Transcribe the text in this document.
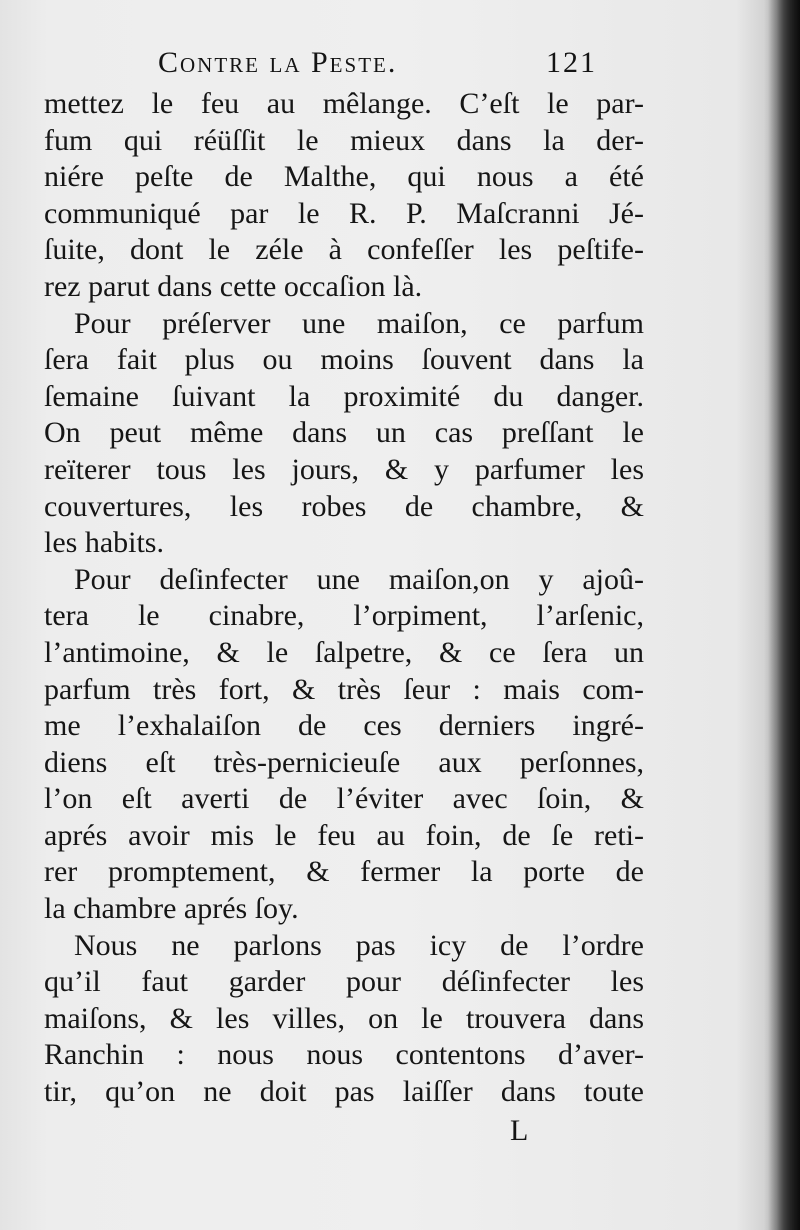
Contre la Peste.	121
mettez le feu au mêlange. C’eſt le par-
fum qui réüſſit le mieux dans la der-
niére peſte de Malthe, qui nous a été
communiqué par le R. P. Maſcranni Jé-
ſuite, dont le zéle à confeſſer les peſtife-
rez parut dans cette occaſion là.
Pour préſerver une maiſon, ce parfum
ſera fait plus ou moins ſouvent dans la
ſemaine ſuivant la proximité du danger.
On peut même dans un cas preſſant le
reïterer tous les jours, & y parfumer les
couvertures, les robes de chambre, &
les habits.
Pour deſinfecter une maiſon,on y ajoû-
tera le cinabre, l’orpiment, l’arſenic,
l’antimoine, & le ſalpetre, & ce ſera un
parfum très fort, & très ſeur : mais com-
me l’exhalaiſon de ces derniers ingré-
diens eſt très-pernicieuſe aux perſonnes,
l’on eſt averti de l’éviter avec ſoin, &
aprés avoir mis le feu au foin, de ſe reti-
rer promptement, & fermer la porte de
la chambre aprés ſoy.
Nous ne parlons pas icy de l’ordre
qu’il faut garder pour déſinfecter les
maiſons, & les villes, on le trouvera dans
Ranchin : nous nous contentons d’aver-
tir, qu’on ne doit pas laiſſer dans toute
L
